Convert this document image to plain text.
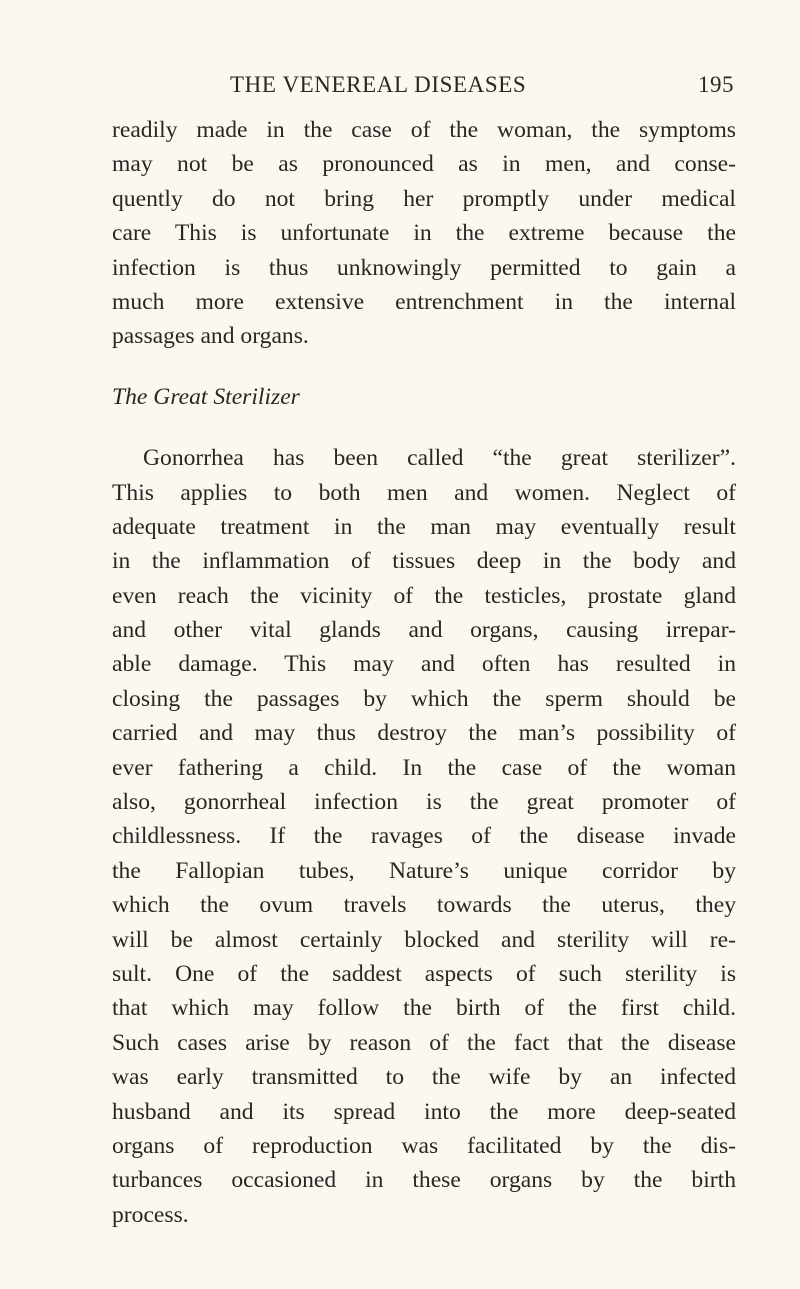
THE VENEREAL DISEASES	195
readily made in the case of the woman, the symptoms
may not be as pronounced as in men, and conse-
quently do not bring her promptly under medical
care This is unfortunate in the extreme because the
infection is thus unknowingly permitted to gain a
much more extensive entrenchment in the internal
passages and organs.
The Great Sterilizer
Gonorrhea has been called “the great sterilizer”.
This applies to both men and women. Neglect of
adequate treatment in the man may eventually result
in the inflammation of tissues deep in the body and
even reach the vicinity of the testicles, prostate gland
and other vital glands and organs, causing irrepar-
able damage. This may and often has resulted in
closing the passages by which the sperm should be
carried and may thus destroy the man’s possibility of
ever fathering a child. In the case of the woman
also, gonorrheal infection is the great promoter of
childlessness. If the ravages of the disease invade
the Fallopian tubes, Nature’s unique corridor by
which the ovum travels towards the uterus, they
will be almost certainly blocked and sterility will re-
sult. One of the saddest aspects of such sterility is
that which may follow the birth of the first child.
Such cases arise by reason of the fact that the disease
was early transmitted to the wife by an infected
husband and its spread into the more deep-seated
organs of reproduction was facilitated by the dis-
turbances occasioned in these organs by the birth
process.
